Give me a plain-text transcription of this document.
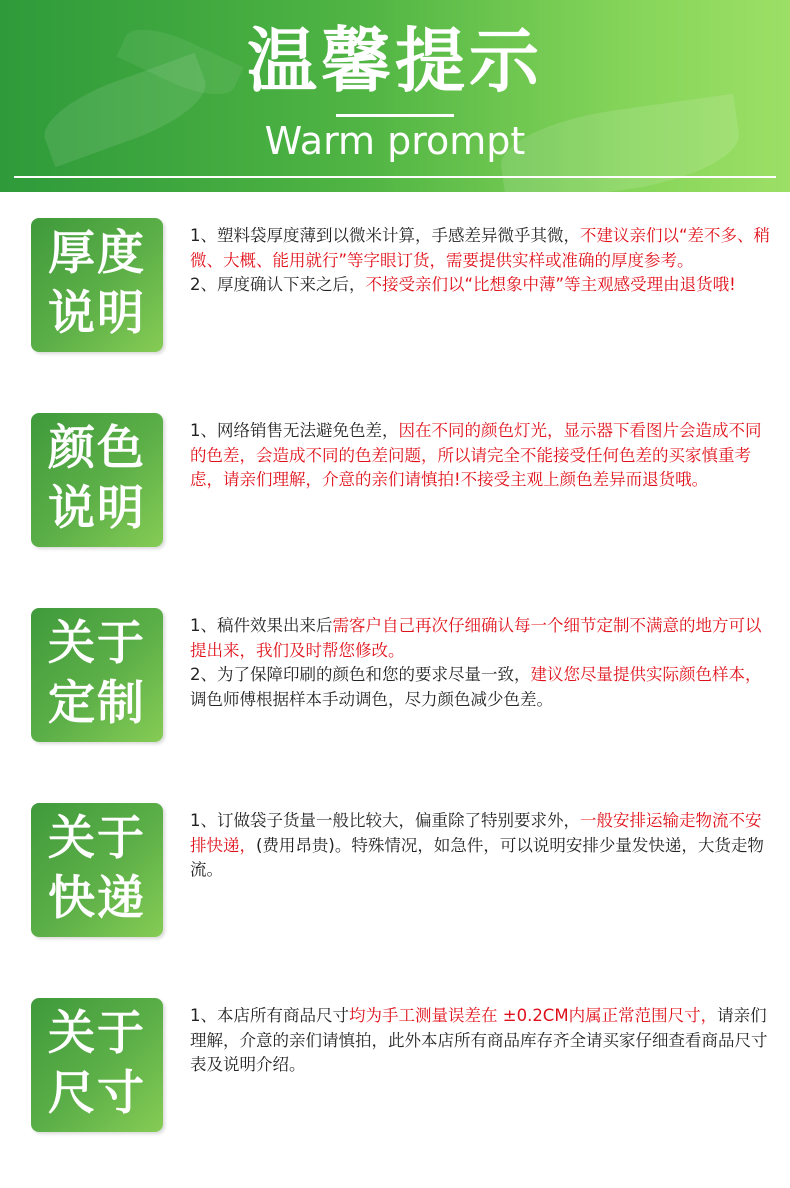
温馨提示
Warm prompt
厚度
说明
1、塑料袋厚度薄到以微米计算，手感差异微乎其微，不建议亲们以“差不多、稍微、大概、能用就行”等字眼订货，需要提供实样或准确的厚度参考。
2、厚度确认下来之后，不接受亲们以“比想象中薄”等主观感受理由退货哦!
颜色
说明
1、网络销售无法避免色差，因在不同的颜色灯光，显示器下看图片会造成不同的色差，会造成不同的色差问题，所以请完全不能接受任何色差的买家慎重考虑，请亲们理解，介意的亲们请慎拍!不接受主观上颜色差异而退货哦。
关于
定制
1、稿件效果出来后需客户自己再次仔细确认每一个细节定制不满意的地方可以提出来，我们及时帮您修改。
2、为了保障印刷的颜色和您的要求尽量一致，建议您尽量提供实际颜色样本，调色师傅根据样本手动调色，尽力颜色减少色差。
关于
快递
1、订做袋子货量一般比较大，偏重除了特别要求外，一般安排运输走物流不安排快递，(费用昂贵)。特殊情况，如急件，可以说明安排少量发快递，大货走物流。
关于
尺寸
1、本店所有商品尺寸均为手工测量误差在 ±0.2CM内属正常范围尺寸，请亲们理解，介意的亲们请慎拍，此外本店所有商品库存齐全请买家仔细查看商品尺寸表及说明介绍。
